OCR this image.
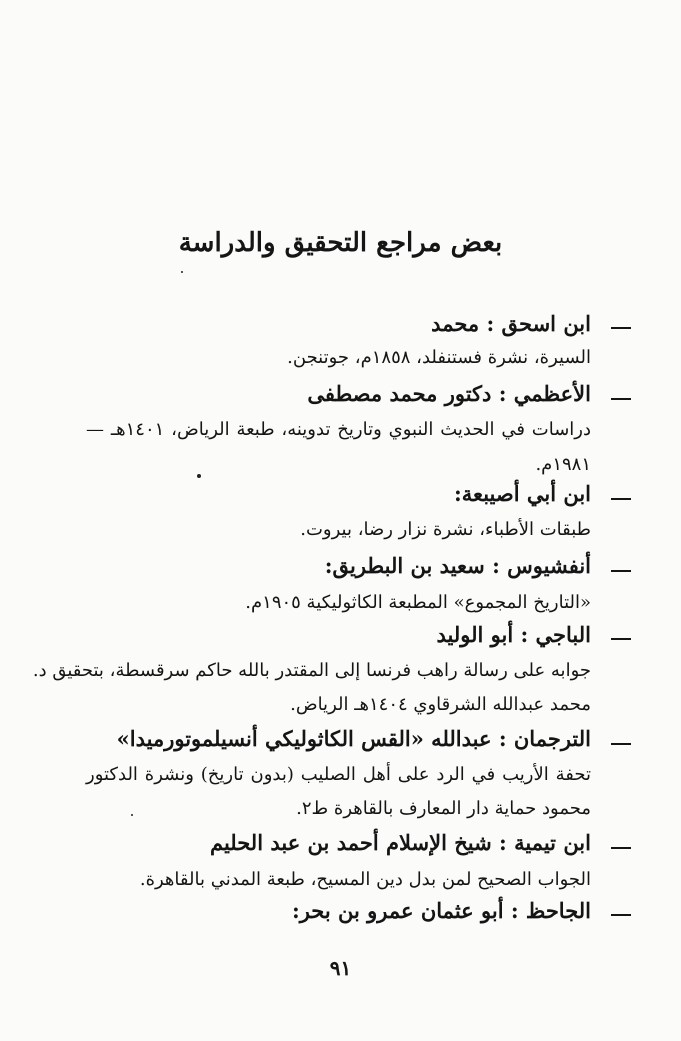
بعض مراجع التحقيق والدراسة
ابن اسحق : محمد
السيرة، نشرة فستنفلد، ١٨٥٨م، جوتنجن.
الأعظمي : دكتور محمد مصطفى
دراسات في الحديث النبوي وتاريخ تدوينه، طبعة الرياض، ١٤٠١هـ —
١٩٨١م.
ابن أبي أصيبعة:
طبقات الأطباء، نشرة نزار رضا، بيروت.
أنفشيوس : سعيد بن البطريق:
«التاريخ المجموع» المطبعة الكاثوليكية ١٩٠٥م.
الباجي : أبو الوليد
جوابه على رسالة راهب فرنسا إلى المقتدر بالله حاكم سرقسطة، بتحقيق د.
محمد عبدالله الشرقاوي ١٤٠٤هـ الرياض.
الترجمان : عبدالله «القس الكاثوليكي أنسيلموتورميدا»
تحفة الأريب في الرد على أهل الصليب (بدون تاريخ) ونشرة الدكتور
محمود حماية دار المعارف بالقاهرة ط٢.
ابن تيمية : شيخ الإسلام أحمد بن عبد الحليم
الجواب الصحيح لمن بدل دين المسيح، طبعة المدني بالقاهرة.
الجاحظ : أبو عثمان عمرو بن بحر:
٩١
